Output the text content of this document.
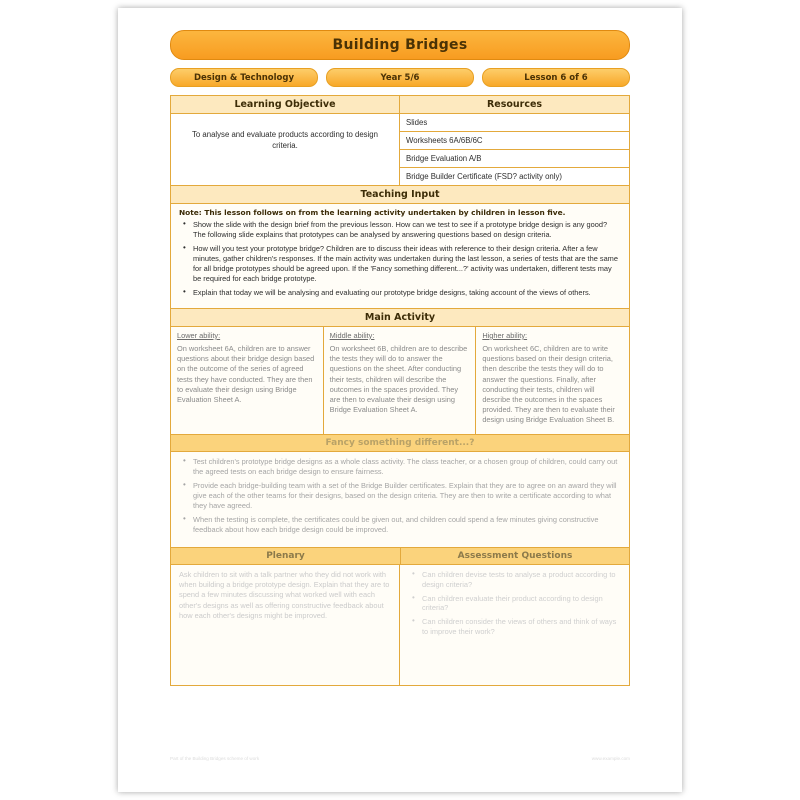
Building Bridges
Design & Technology	Year 5/6	Lesson 6 of 6
Learning Objective	Resources
To analyse and evaluate products according to design criteria.
Slides
Worksheets 6A/6B/6C
Bridge Evaluation A/B
Bridge Builder Certificate (FSD? activity only)
Teaching Input
Note: This lesson follows on from the learning activity undertaken by children in lesson five.
• Show the slide with the design brief from the previous lesson. How can we test to see if a prototype bridge design is any good? The following slide explains that prototypes can be analysed by answering questions based on design criteria.
• How will you test your prototype bridge? Children are to discuss their ideas with reference to their design criteria. After a few minutes, gather children's responses. If the main activity was undertaken during the last lesson, a series of tests that are the same for all bridge prototypes should be agreed upon. If the 'Fancy something different...?' activity was undertaken, different tests may be required for each bridge prototype.
• Explain that today we will be analysing and evaluating our prototype bridge designs, taking account of the views of others.
Main Activity
Lower ability:
On worksheet 6A, children are to answer questions about their bridge design based on the outcome of the series of agreed tests they have conducted. They are then to evaluate their design using Bridge Evaluation Sheet A.
Middle ability:
On worksheet 6B, children are to describe the tests they will do to answer the questions on the sheet. After conducting their tests, children will describe the outcomes in the spaces provided. They are then to evaluate their design using Bridge Evaluation Sheet A.
Higher ability:
On worksheet 6C, children are to write questions based on their design criteria, then describe the tests they will do to answer the questions. Finally, after conducting their tests, children will describe the outcomes in the spaces provided. They are then to evaluate their design using Bridge Evaluation Sheet B.
Fancy something different...?
• Test children's prototype bridge designs as a whole class activity. The class teacher, or a chosen group of children, could carry out the agreed tests on each bridge design to ensure fairness.
• Provide each bridge-building team with a set of the Bridge Builder certificates. Explain that they are to agree on an award they will give each of the other teams for their designs, based on the design criteria. They are then to write a certificate according to what they have agreed.
• When the testing is complete, the certificates could be given out, and children could spend a few minutes giving constructive feedback about how each bridge design could be improved.
Plenary	Assessment Questions
Ask children to sit with a talk partner who they did not work with when building a bridge prototype design. Explain that they are to spend a few minutes discussing what worked well with each other's designs as well as offering constructive feedback about how each other's designs might be improved.
• Can children devise tests to analyse a product according to design criteria?
• Can children evaluate their product according to design criteria?
• Can children consider the views of others and think of ways to improve their work?
Part of the Building Bridges scheme of work	www.example.com
